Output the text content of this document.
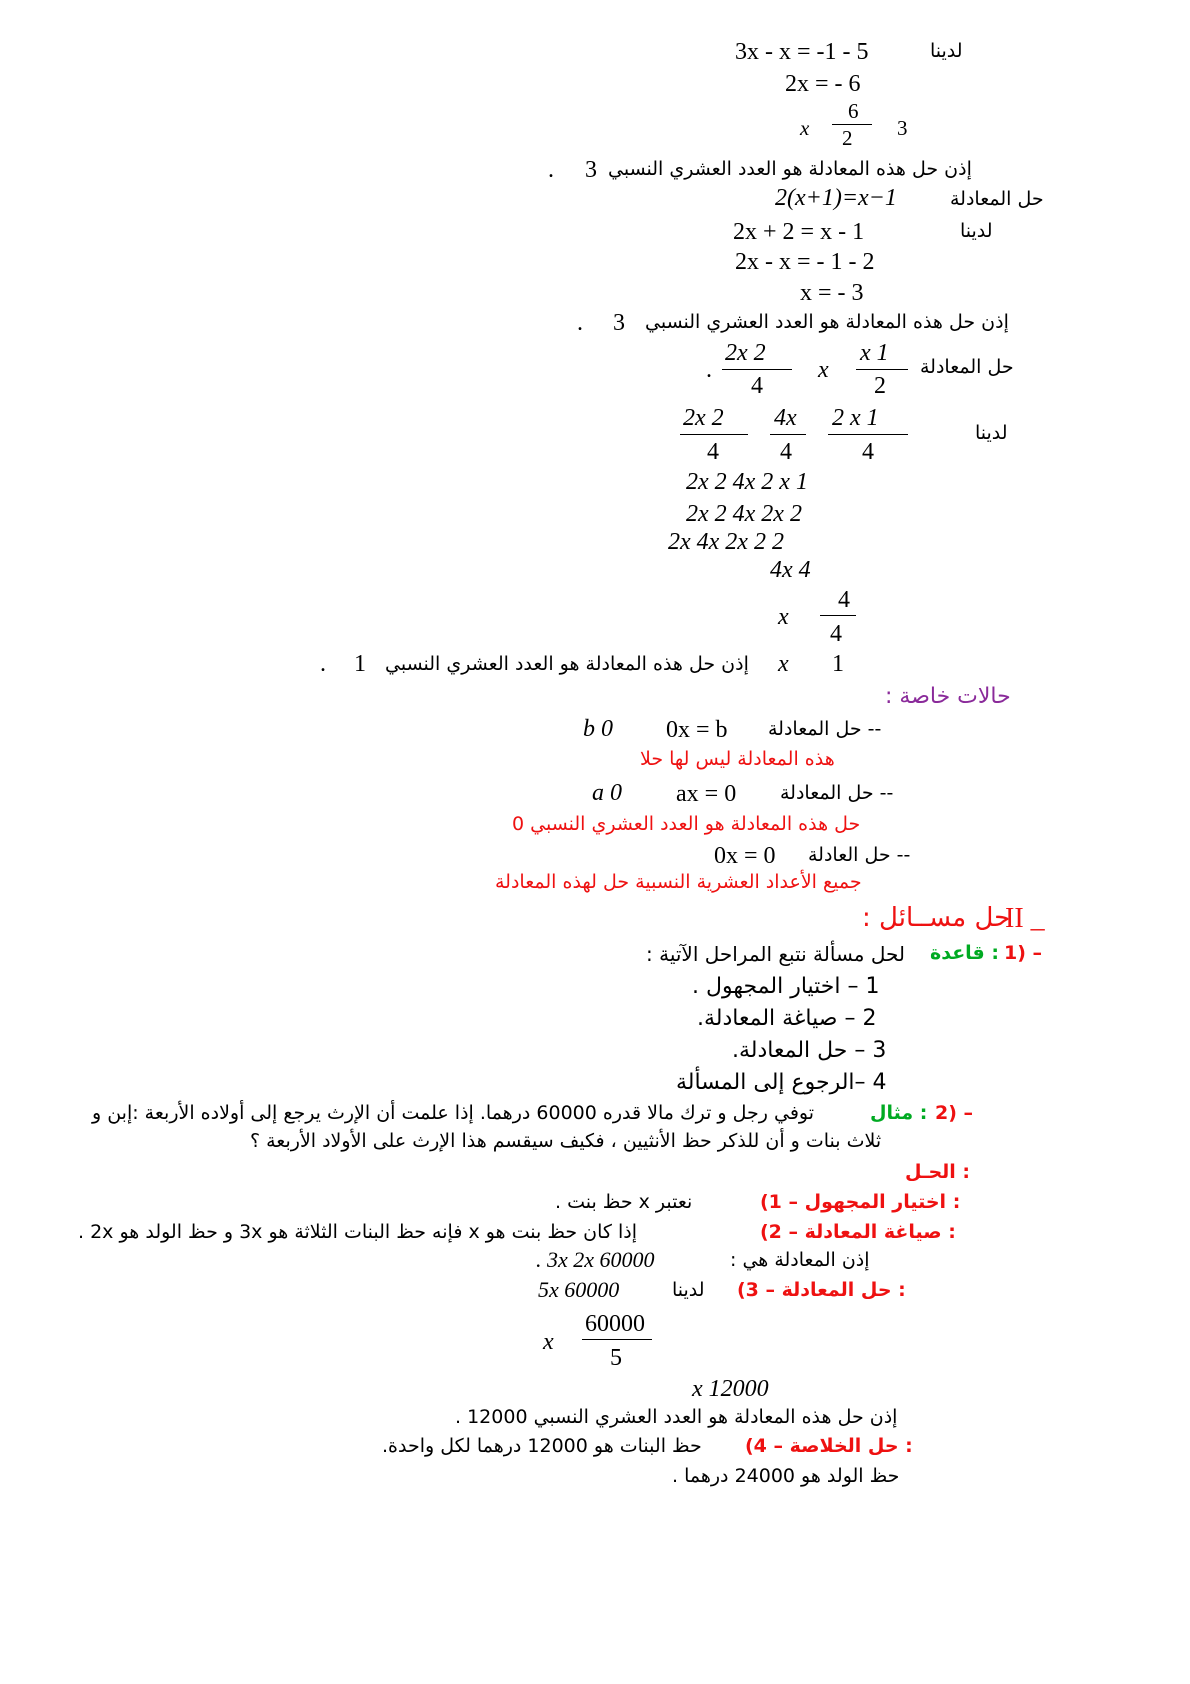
3x - x = -1 - 5	لدينا
2x = - 6
x
6
2 3
إذن حل هذه المعادلة هو العدد العشري النسبي
3
.
حل المعادلة
2(x+1)=x−1
2x + 2 = x - 1	لدينا
2x - x = - 1 - 2
x = - 3
إذن حل هذه المعادلة هو العدد العشري النسبي
3
.
حل المعادلة
2x 2
4
.	x
x 1
2
لدينا
2x 2
4
4x
4
2 x 1
4
2x 2 4x 2 x 1
2x 2 4x 2x 2
2x 4x 2x 2 2
4x 4
x
4
4
x 1
إذن حل هذه المعادلة هو العدد العشري النسبي
1
.
حالات خاصة :
-- حل المعادلة
0x = b
b 0
هذه المعادلة ليس لها حلا
-- حل المعادلة
ax = 0
a 0
حل هذه المعادلة هو العدد العشري النسبي 0
-- حل العادلة
0x = 0
جميع الأعداد العشرية النسبية حل لهذه المعادلة
II _
حل مســائل :
1) –
قاعدة :
لحل مسألة نتبع المراحل الآتية :
1 – اختيار المجهول .
2 – صياغة المعادلة.
3 – حل المعادلة.
4 –الرجوع إلى المسألة
2) –
مثال :
توفي رجل و ترك مالا قدره 60000 درهما. إذا علمت أن الإرث يرجع إلى أولاده الأربعة :إبن و
ثلاث بنات و أن للذكر حظ الأنثيين ، فكيف سيقسم هذا الإرث على الأولاد الأربعة ؟
الحـل :
(1 – اختيار المجهول :
نعتبر x حظ بنت .
(2 – صياغة المعادلة :
إذا كان حظ بنت هو x فإنه حظ البنات الثلاثة هو 3x و حظ الولد هو 2x .
إذن المعادلة هي :
. 3x 2x 60000
(3 – حل المعادلة :
لدينا
5x 60000
x
60000
5
x 12000
إذن حل هذه المعادلة هو العدد العشري النسبي 12000 .
(4 – حل الخلاصة :
حظ البنات هو 12000 درهما لكل واحدة.
حظ الولد هو 24000 درهما .
